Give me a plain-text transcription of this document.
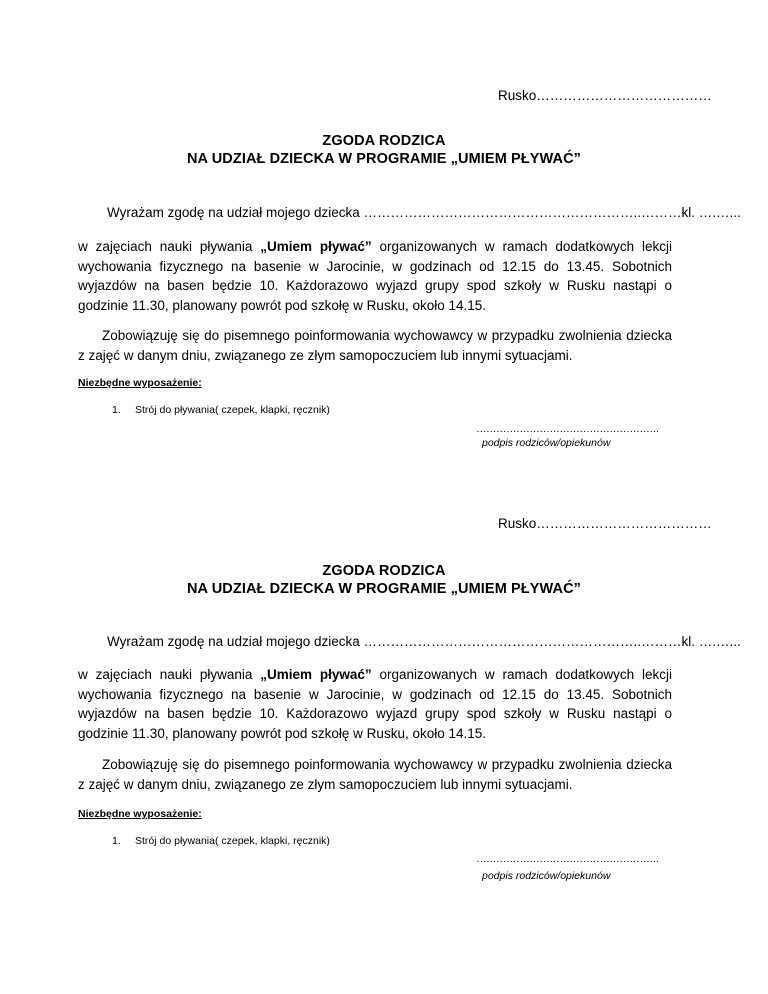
Rusko…………………………………
ZGODA RODZICA
NA UDZIAŁ DZIECKA W PROGRAMIE „UMIEM PŁYWAĆ”
Wyrażam zgodę na udział mojego dziecka ……………………………………………………..………kl. ….…...
w zajęciach nauki pływania „Umiem pływać” organizowanych w ramach dodatkowych lekcji wychowania fizycznego na basenie w Jarocinie, w godzinach od 12.15 do 13.45. Sobotnich wyjazdów na basen będzie 10. Każdorazowo wyjazd grupy spod szkoły w Rusku nastąpi o godzinie 11.30, planowany powrót pod szkołę w Rusku, około 14.15.
Zobowiązuję się do pisemnego poinformowania wychowawcy w przypadku zwolnienia dziecka z zajęć w danym dniu, związanego ze złym samopoczuciem lub innymi sytuacjami.
Niezbędne wyposażenie:
1. Strój do pływania( czepek, klapki, ręcznik)
……………………………………………….
podpis rodziców/opiekunów
Rusko…………………………………
ZGODA RODZICA
NA UDZIAŁ DZIECKA W PROGRAMIE „UMIEM PŁYWAĆ”
Wyrażam zgodę na udział mojego dziecka ……………………………………………………..………kl. ….…...
w zajęciach nauki pływania „Umiem pływać” organizowanych w ramach dodatkowych lekcji wychowania fizycznego na basenie w Jarocinie, w godzinach od 12.15 do 13.45. Sobotnich wyjazdów na basen będzie 10. Każdorazowo wyjazd grupy spod szkoły w Rusku nastąpi o godzinie 11.30, planowany powrót pod szkołę w Rusku, około 14.15.
Zobowiązuję się do pisemnego poinformowania wychowawcy w przypadku zwolnienia dziecka z zajęć w danym dniu, związanego ze złym samopoczuciem lub innymi sytuacjami.
Niezbędne wyposażenie:
1. Strój do pływania( czepek, klapki, ręcznik)
……………………………………………….
podpis rodziców/opiekunów
